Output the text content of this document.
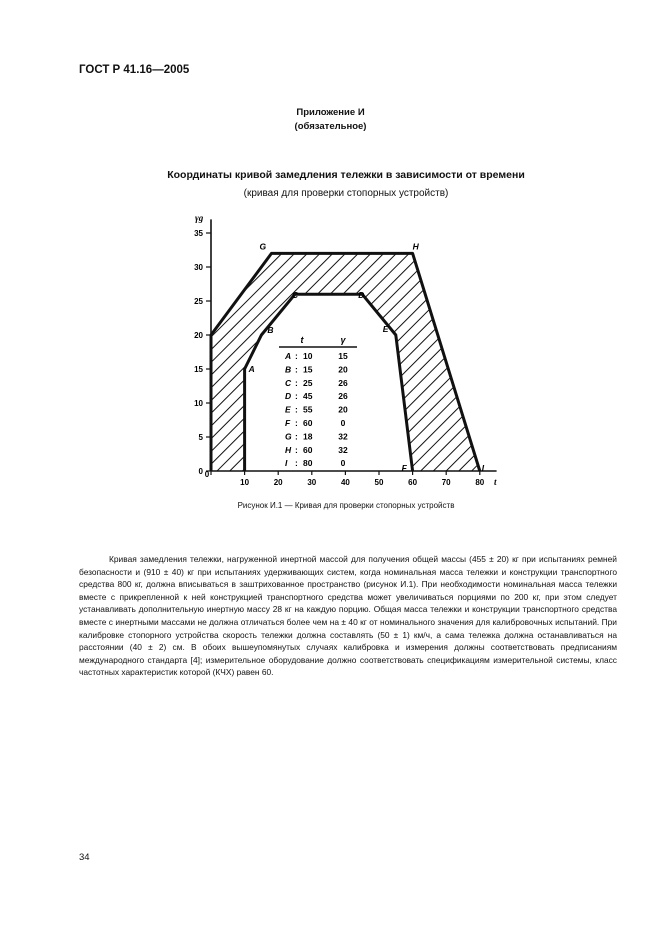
ГОСТ Р 41.16—2005
Приложение И
(обязательное)
Координаты кривой замедления тележки в зависимости от времени
(кривая для проверки стопорных устройств)
0
5
10
15
20
25
30
35
10	20	30	40	50	60	70	80
0
t
γg
A
B
C	D
E
F
G	H
I
t	γ
A : 10	15
B : 15	20
C : 25	26
D : 45	26
E : 55	20
F : 60	0
G : 18	32
H : 60	32
I : 80	0
Рисунок И.1 — Кривая для проверки стопорных устройств

Кривая замедления тележки, нагруженной инертной массой для получения общей массы (455 ± 20) кг при испытаниях ремней безопасности и (910 ± 40) кг при испытаниях удерживающих систем, когда номинальная масса тележки и конструкции транспортного средства 800 кг, должна вписываться в заштрихованное пространство (рисунок И.1). При необходимости номинальная масса тележки вместе с прикрепленной к ней конструкцией транспортного средства может увеличиваться порциями по 200 кг, при этом следует устанавливать дополнительную инертную массу 28 кг на каждую порцию. Общая масса тележки и конструкции транспортного средства вместе с инертными массами не должна отличаться более чем на ± 40 кг от номинального значения для калибровочных испытаний. При калибровке стопорного устройства скорость тележки должна составлять (50 ± 1) км/ч, а сама тележка должна останавливаться на расстоянии (40 ± 2) см. В обоих вышеупомянутых случаях калибровка и измерения должны соответствовать предписаниям международного стандарта [4]; измерительное оборудование должно соответствовать спецификациям измерительной системы, класс частотных характеристик которой (КЧХ) равен 60.

34
